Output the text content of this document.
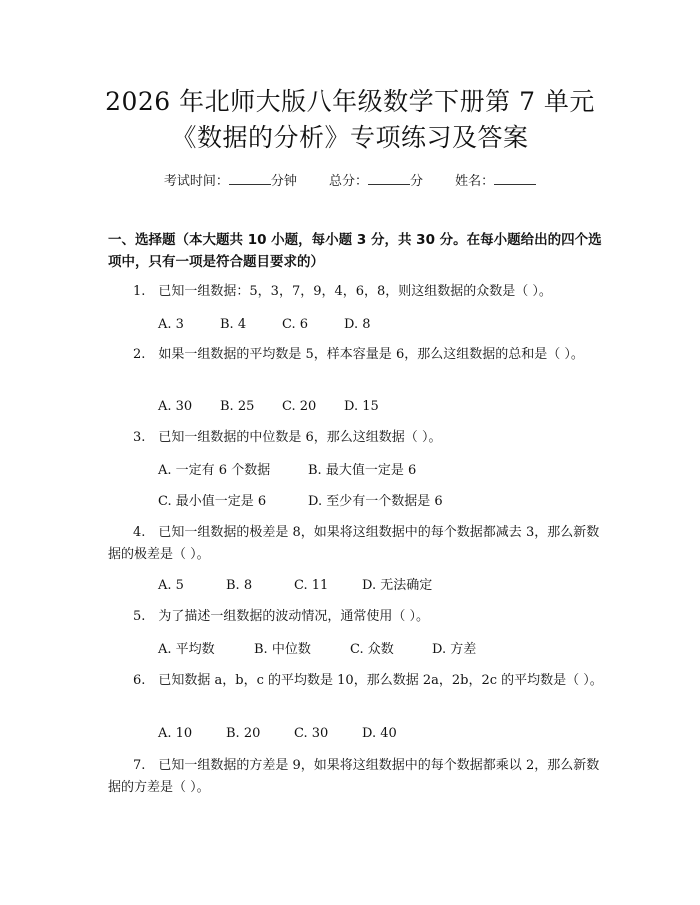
2026 年北师大版八年级数学下册第 7 单元
《数据的分析》专项练习及答案
考试时间：	分钟 总分：	分 姓名：
一、选择题（本大题共 10 小题，每小题 3 分，共 30 分。在每小题给出的四个选项中，只有一项是符合题目要求的）
1.　已知一组数据：5，3，7，9，4，6，8，则这组数据的众数是（ ）。
A. 3	B. 4	C. 6	D. 8
2.　如果一组数据的平均数是 5，样本容量是 6，那么这组数据的总和是（ ）。
A. 30 B. 25 C. 20 D. 15
3.　已知一组数据的中位数是 6，那么这组数据（ ）。
A. 一定有 6 个数据	B. 最大值一定是 6
C. 最小值一定是 6	D. 至少有一个数据是 6
4.　已知一组数据的极差是 8，如果将这组数据中的每个数据都减去 3，那么新数据的极差是（ ）。
A. 5	B. 8	C. 11	D. 无法确定
5.　为了描述一组数据的波动情况，通常使用（ ）。
A. 平均数	B. 中位数	C. 众数	D. 方差
6.　已知数据 a，b，c 的平均数是 10，那么数据 2a，2b，2c 的平均数是（ ）。
A. 10	B. 20	C. 30	D. 40
7.　已知一组数据的方差是 9，如果将这组数据中的每个数据都乘以 2，那么新数据的方差是（ ）。
